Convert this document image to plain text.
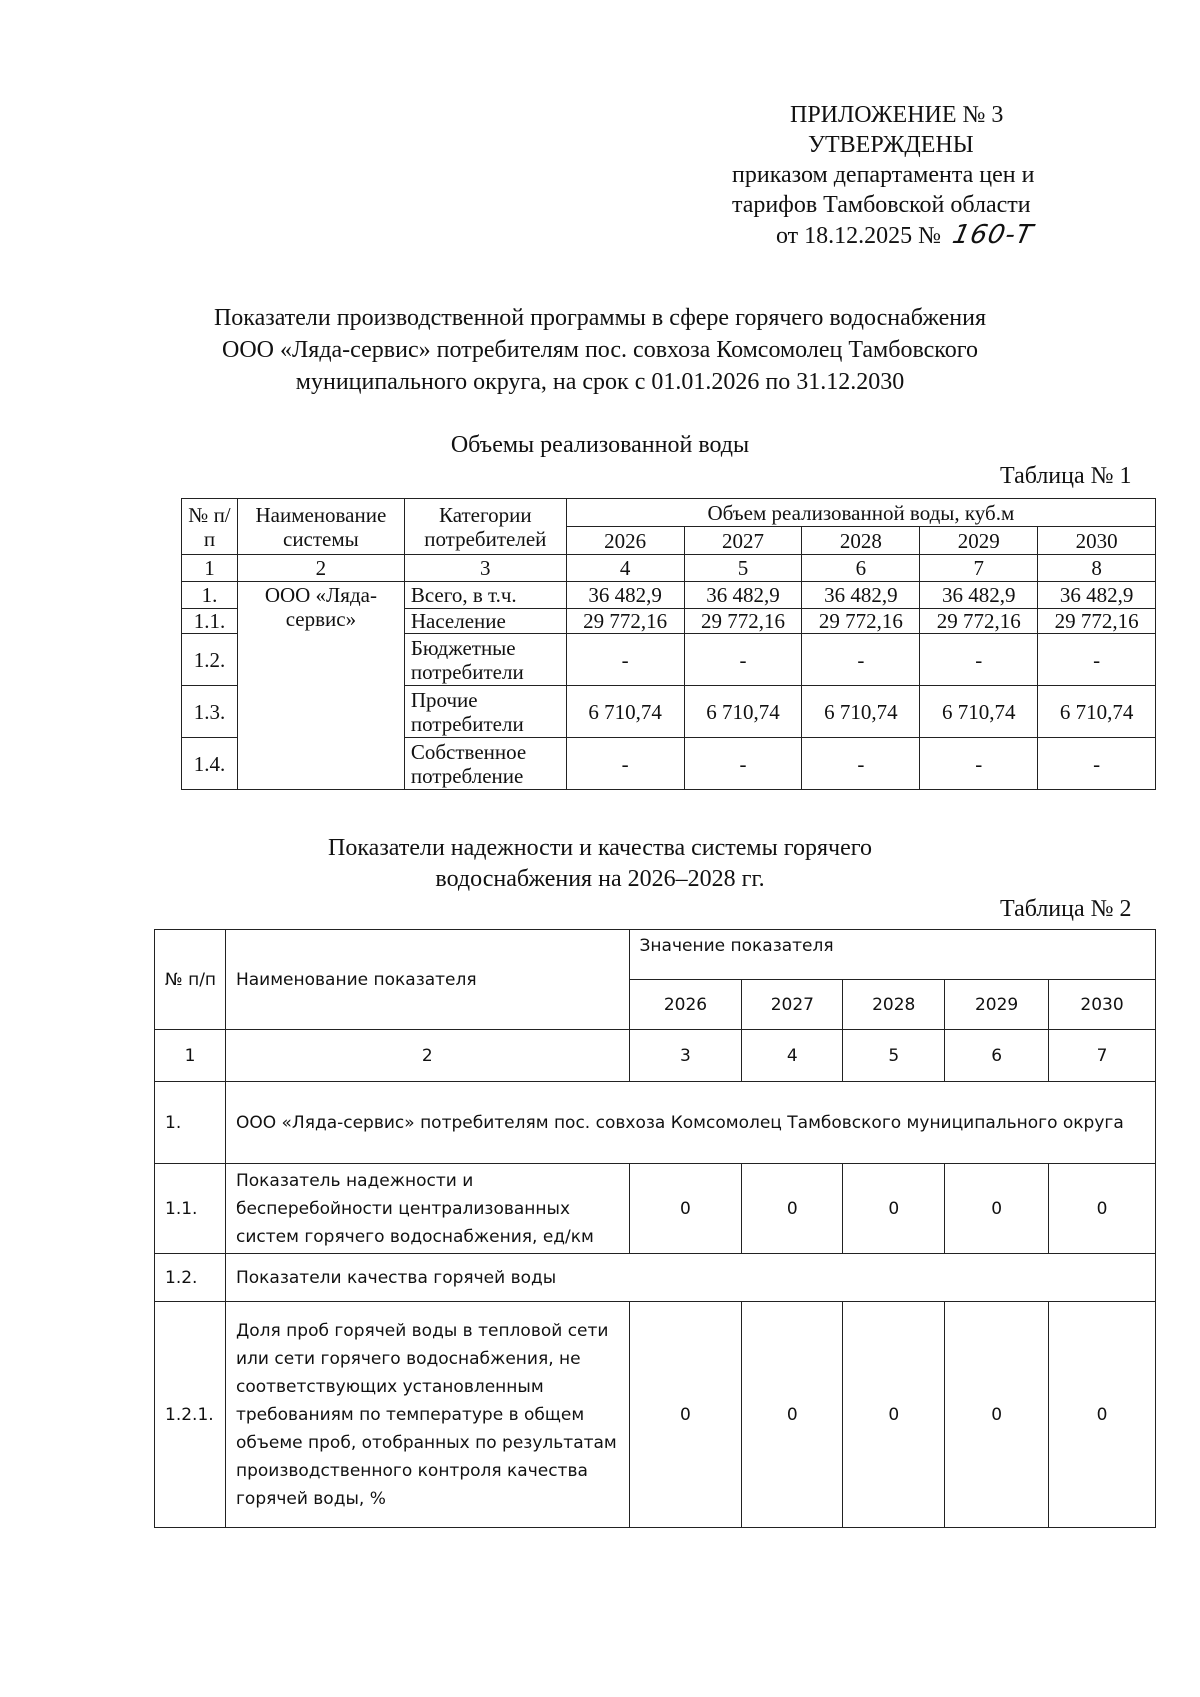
ПРИЛОЖЕНИЕ № 3
УТВЕРЖДЕНЫ
приказом департамента цен и
тарифов Тамбовской области
от 18.12.2025 № 160-Т
Показатели производственной программы в сфере горячего водоснабжения
ООО «Ляда-сервис» потребителям пос. совхоза Комсомолец Тамбовского
муниципального округа, на срок с 01.01.2026 по 31.12.2030
Объемы реализованной воды
Таблица № 1
№ п/п	Наименование системы	Категории потребителей	Объем реализованной воды, куб.м				
			2026	2027	2028	2029	2030
1	2	3	4	5	6	7	8
1.	ООО «Ляда-сервис»	Всего, в т.ч.	36 482,9	36 482,9	36 482,9	36 482,9	36 482,9
1.1.		Население	29 772,16	29 772,16	29 772,16	29 772,16	29 772,16
1.2.		Бюджетные потребители	-	-	-	-	-
1.3.		Прочие потребители	6 710,74	6 710,74	6 710,74	6 710,74	6 710,74
1.4.		Собственное потребление	-	-	-	-	-
Показатели надежности и качества системы горячего
водоснабжения на 2026–2028 гг.
Таблица № 2
№ п/п	Наименование показателя	Значение показателя				
		2026	2027	2028	2029	2030
1	2	3	4	5	6	7
1.	ООО «Ляда-сервис» потребителям пос. совхоза Комсомолец Тамбовского муниципального округа					
1.1.	Показатель надежности и бесперебойности централизованных систем горячего водоснабжения, ед/км	0	0	0	0	0
1.2.	Показатели качества горячей воды					
1.2.1.	Доля проб горячей воды в тепловой сети или сети горячего водоснабжения, не соответствующих установленным требованиям по температуре в общем объеме проб, отобранных по результатам производственного контроля качества горячей воды, %	0	0	0	0	0
